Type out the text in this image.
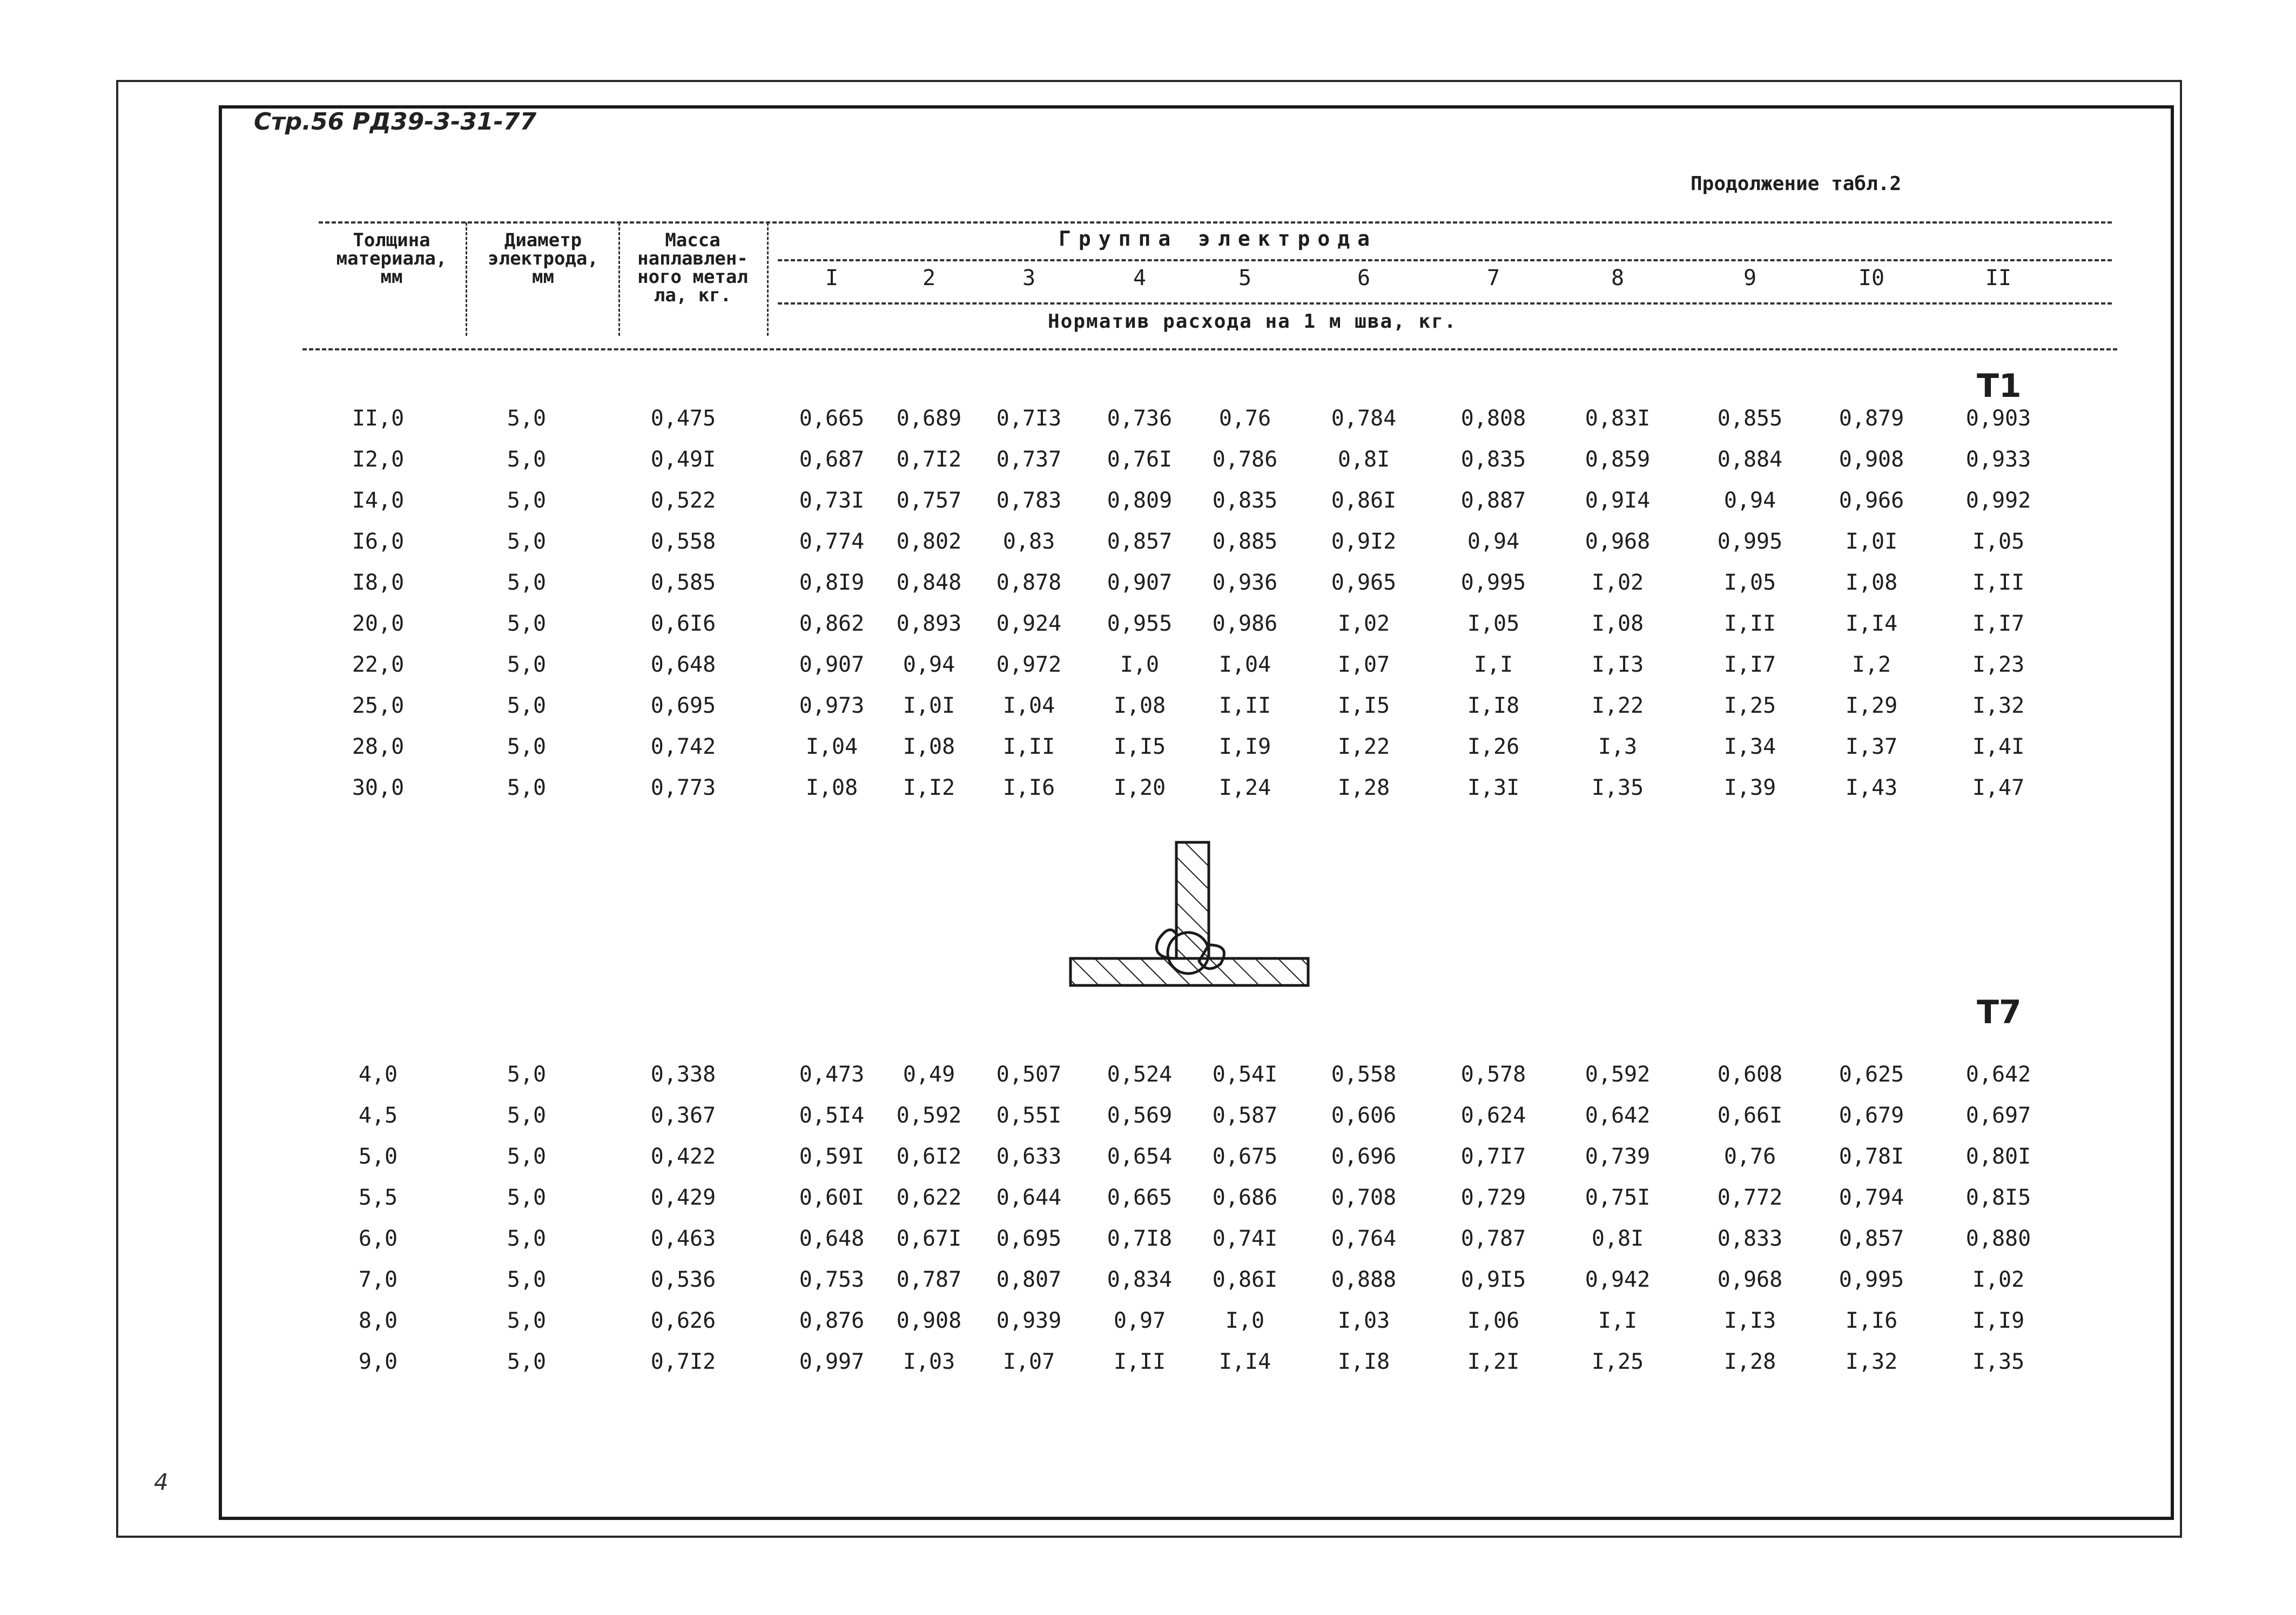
Стр.56 РД39-3-31-77
4
Продолжение табл.2
Толщина
материала,
мм
Диаметр
электрода,
мм
Масса
наплавлен-
ного метал
ла, кг.
Группа электрода
Норматив расхода на 1 м шва, кг.
I	2	3	4	5	6	7	8	9	I0	II
Т1
Т7
II,0	5,0	0,475	0,665	0,689	0,7I3	0,736	0,76	0,784	0,808	0,83I	0,855	0,879	0,903
I2,0	5,0	0,49I	0,687	0,7I2	0,737	0,76I	0,786	0,8I	0,835	0,859	0,884	0,908	0,933
I4,0	5,0	0,522	0,73I	0,757	0,783	0,809	0,835	0,86I	0,887	0,9I4	0,94	0,966	0,992
I6,0	5,0	0,558	0,774	0,802	0,83	0,857	0,885	0,9I2	0,94	0,968	0,995	I,0I	I,05
I8,0	5,0	0,585	0,8I9	0,848	0,878	0,907	0,936	0,965	0,995	I,02	I,05	I,08	I,II
20,0	5,0	0,6I6	0,862	0,893	0,924	0,955	0,986	I,02	I,05	I,08	I,II	I,I4	I,I7
22,0	5,0	0,648	0,907	0,94	0,972	I,0	I,04	I,07	I,I	I,I3	I,I7	I,2	I,23
25,0	5,0	0,695	0,973	I,0I	I,04	I,08	I,II	I,I5	I,I8	I,22	I,25	I,29	I,32
28,0	5,0	0,742	I,04	I,08	I,II	I,I5	I,I9	I,22	I,26	I,3	I,34	I,37	I,4I
30,0	5,0	0,773	I,08	I,I2	I,I6	I,20	I,24	I,28	I,3I	I,35	I,39	I,43	I,47
4,0	5,0	0,338	0,473	0,49	0,507	0,524	0,54I	0,558	0,578	0,592	0,608	0,625	0,642
4,5	5,0	0,367	0,5I4	0,592	0,55I	0,569	0,587	0,606	0,624	0,642	0,66I	0,679	0,697
5,0	5,0	0,422	0,59I	0,6I2	0,633	0,654	0,675	0,696	0,7I7	0,739	0,76	0,78I	0,80I
5,5	5,0	0,429	0,60I	0,622	0,644	0,665	0,686	0,708	0,729	0,75I	0,772	0,794	0,8I5
6,0	5,0	0,463	0,648	0,67I	0,695	0,7I8	0,74I	0,764	0,787	0,8I	0,833	0,857	0,880
7,0	5,0	0,536	0,753	0,787	0,807	0,834	0,86I	0,888	0,9I5	0,942	0,968	0,995	I,02
8,0	5,0	0,626	0,876	0,908	0,939	0,97	I,0	I,03	I,06	I,I	I,I3	I,I6	I,I9
9,0	5,0	0,7I2	0,997	I,03	I,07	I,II	I,I4	I,I8	I,2I	I,25	I,28	I,32	I,35
